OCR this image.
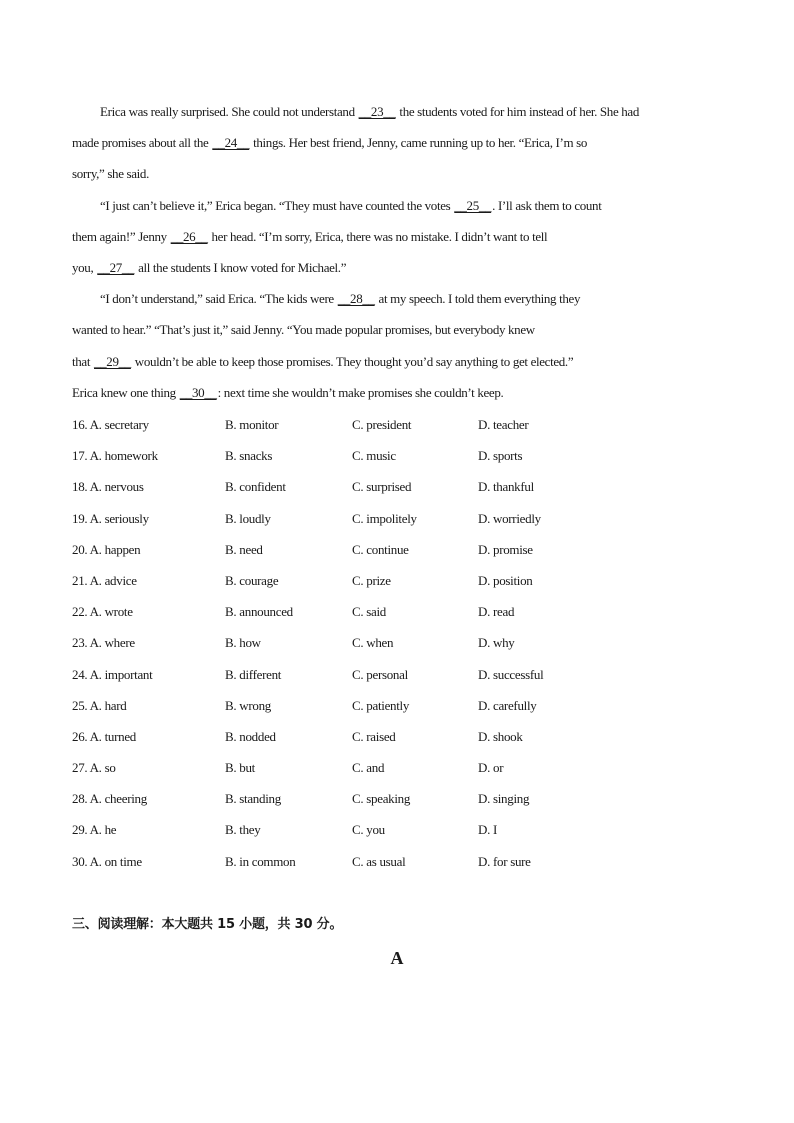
Erica was really surprised. She could not understand __23__ the students voted for him instead of her. She had
made promises about all the __24__ things. Her best friend, Jenny, came running up to her. “Erica, I’m so
sorry,” she said.
“I just can’t believe it,” Erica began. “They must have counted the votes __25__. I’ll ask them to count
them again!” Jenny __26__ her head. “I’m sorry, Erica, there was no mistake. I didn’t want to tell
you, __27__ all the students I know voted for Michael.”
“I don’t understand,” said Erica. “The kids were __28__ at my speech. I told them everything they
wanted to hear.” “That’s just it,” said Jenny. “You made popular promises, but everybody knew
that __29__ wouldn’t be able to keep those promises. They thought you’d say anything to get elected.”
Erica knew one thing __30__: next time she wouldn’t make promises she couldn’t keep.
16. A. secretary	B. monitor	C. president	D. teacher
17. A. homework	B. snacks	C. music	D. sports
18. A. nervous	B. confident	C. surprised	D. thankful
19. A. seriously	B. loudly	C. impolitely	D. worriedly
20. A. happen	B. need	C. continue	D. promise
21. A. advice	B. courage	C. prize	D. position
22. A. wrote	B. announced	C. said	D. read
23. A. where	B. how	C. when	D. why
24. A. important	B. different	C. personal	D. successful
25. A. hard	B. wrong	C. patiently	D. carefully
26. A. turned	B. nodded	C. raised	D. shook
27. A. so	B. but	C. and	D. or
28. A. cheering	B. standing	C. speaking	D. singing
29. A. he	B. they	C. you	D. I
30. A. on time	B. in common	C. as usual	D. for sure
三、阅读理解：本大题共 15 小题，共 30 分。
A
